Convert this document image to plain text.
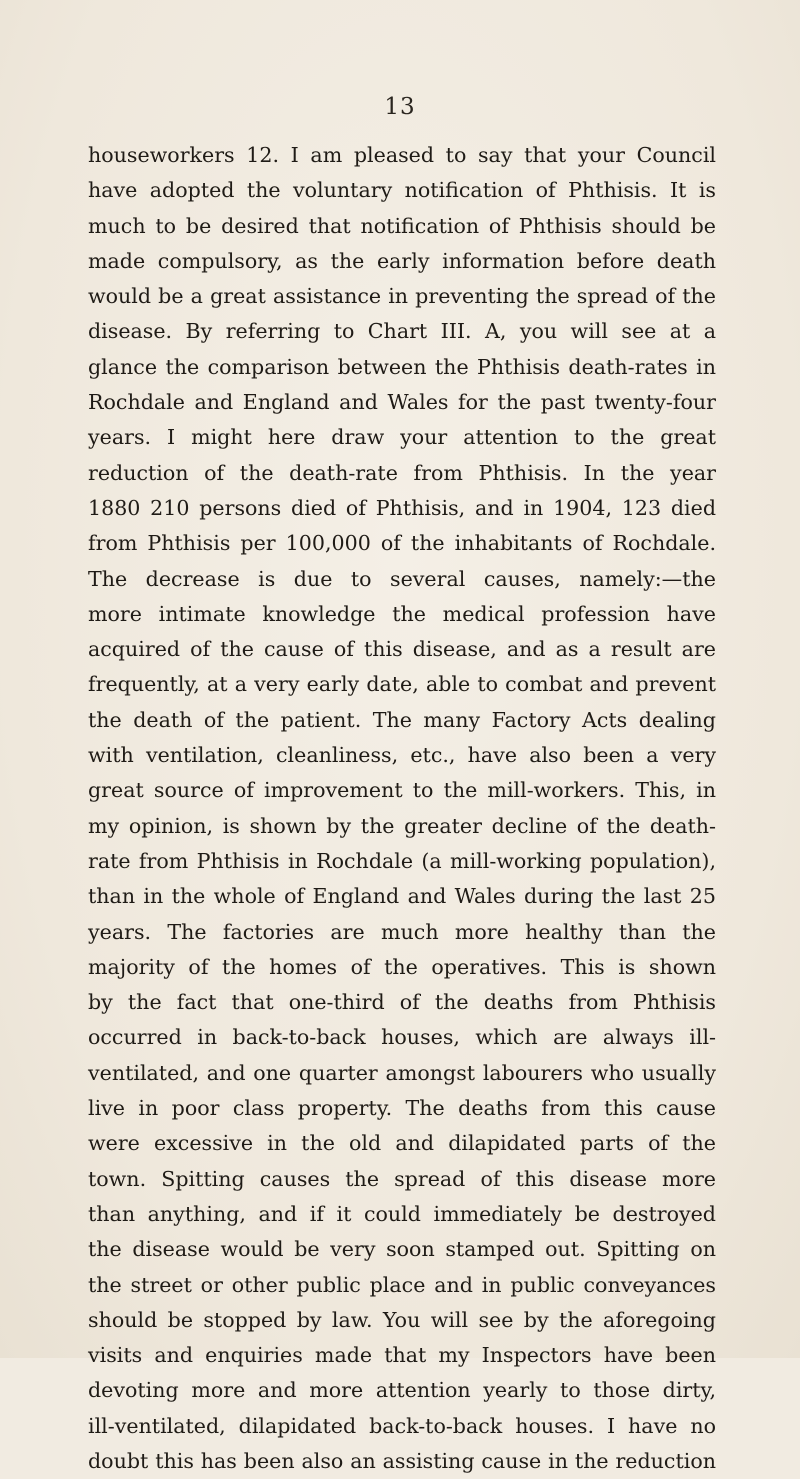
13
houseworkers 12. I am pleased to say that your Council
have adopted the voluntary notification of Phthisis. It is
much to be desired that notification of Phthisis should be
made compulsory, as the early information before death
would be a great assistance in preventing the spread of the
disease. By referring to Chart III. A, you will see at a
glance the comparison between the Phthisis death-rates in
Rochdale and England and Wales for the past twenty-four
years. I might here draw your attention to the great
reduction of the death-rate from Phthisis. In the year
1880 210 persons died of Phthisis, and in 1904, 123 died
from Phthisis per 100,000 of the inhabitants of Rochdale.
The decrease is due to several causes, namely:—the
more intimate knowledge the medical profession have
acquired of the cause of this disease, and as a result are
frequently, at a very early date, able to combat and prevent
the death of the patient. The many Factory Acts dealing
with ventilation, cleanliness, etc., have also been a very
great source of improvement to the mill-workers. This, in
my opinion, is shown by the greater decline of the death-
rate from Phthisis in Rochdale (a mill-working population),
than in the whole of England and Wales during the last 25
years. The factories are much more healthy than the
majority of the homes of the operatives. This is shown
by the fact that one-third of the deaths from Phthisis
occurred in back-to-back houses, which are always ill-
ventilated, and one quarter amongst labourers who usually
live in poor class property. The deaths from this cause
were excessive in the old and dilapidated parts of the
town. Spitting causes the spread of this disease more
than anything, and if it could immediately be destroyed
the disease would be very soon stamped out. Spitting on
the street or other public place and in public conveyances
should be stopped by law. You will see by the aforegoing
visits and enquiries made that my Inspectors have been
devoting more and more attention yearly to those dirty,
ill-ventilated, dilapidated back-to-back houses. I have no
doubt this has been also an assisting cause in the reduction
